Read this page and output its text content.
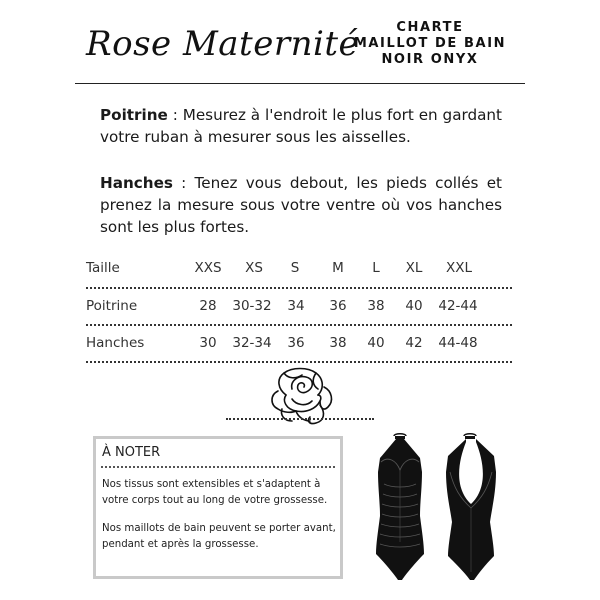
Rose Maternité	CHARTE
MAILLOT DE BAIN
NOIR ONYX
Poitrine : Mesurez à l'endroit le plus fort en gardant votre ruban à mesurer sous les aisselles.
Hanches : Tenez vous debout, les pieds collés et prenez la mesure sous votre ventre où vos hanches sont les plus fortes.
Taille	XXS XS S M L XL XXL
Poitrine	28 30-32 34 36 38 40 42-44
Hanches	30 32-34 36 38 40 42 44-48
À NOTER
Nos tissus sont extensibles et s'adaptent à votre corps tout au long de votre grossesse.
Nos maillots de bain peuvent se porter avant, pendant et après la grossesse.
